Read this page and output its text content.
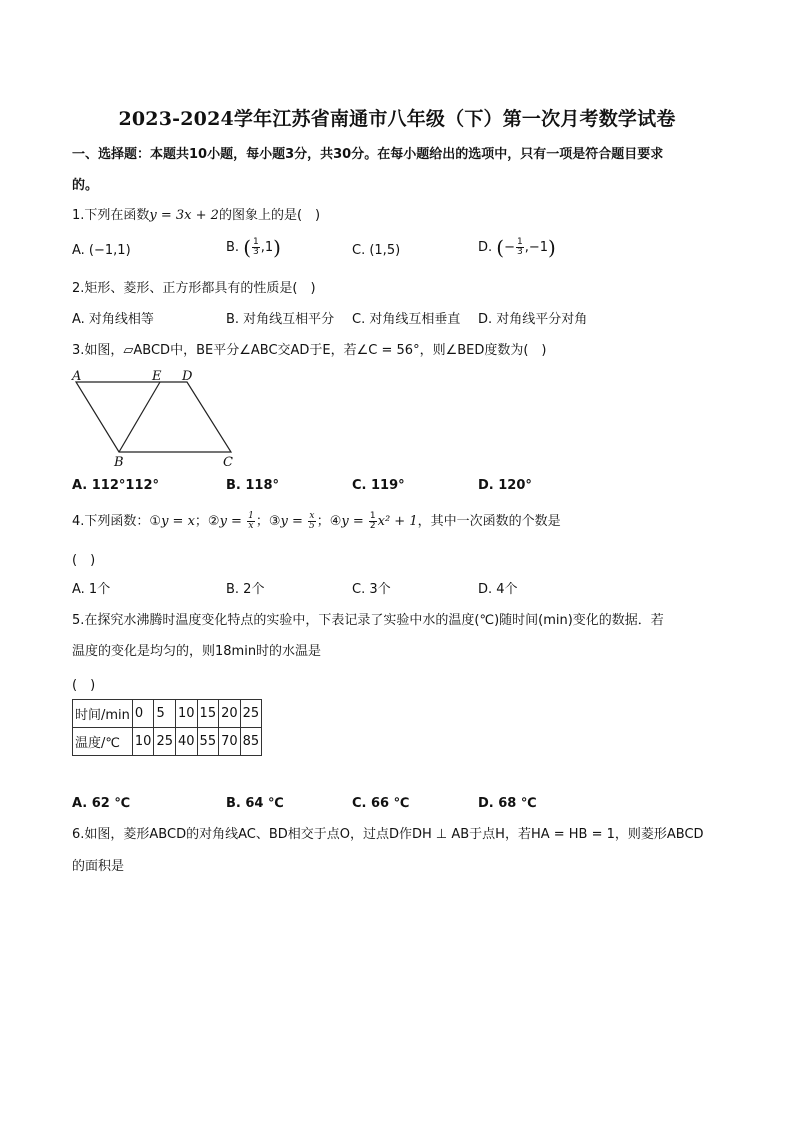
2023-2024学年江苏省南通市八年级（下）第一次月考数学试卷
一、选择题：本题共10小题，每小题3分，共30分。在每小题给出的选项中，只有一项是符合题目要求
的。
1.下列在函数y = 3x + 2的图象上的是(　)
A. (−1,1)	B. ( $\frac{1}{3} ,1$)	C. (1,5)	D. (− $\frac{1}{3} ,-1$)
2.矩形、菱形、正方形都具有的性质是(　)
A. 对角线相等	B. 对角线互相平分 C. 对角线互相垂直 D. 对角线平分对角
3.如图，▱ABCD中，BE平分∠ABC交AD于E，若∠C = 56°，则∠BED度数为(　)
A	E D
B	C
A. 112°112°	B. 118°	C. 119°	D. 120°
4.下列函数：①y = x；②y = $\frac{1}{x}$ ；③y = $\frac{x}{5}$ ；④y = $\frac{1}{2} x^2 + 1$，其中一次函数的个数是
(　)
A. 1个	B. 2个	C. 3个	D. 4个
5.在探究水沸腾时温度变化特点的实验中，下表记录了实验中水的温度(℃)随时间(min)变化的数据．若
温度的变化是均匀的，则18min时的水温是
(　)
时间/min	0	5	10	15	20	25
温度/℃	10	25	40	55	70	85
A. 62 ℃	B. 64 ℃	C. 66 ℃	D. 68 ℃
6.如图，菱形ABCD的对角线AC、BD相交于点O，过点D作DH ⊥ AB于点H，若HA = HB = 1，则菱形ABCD
的面积是
